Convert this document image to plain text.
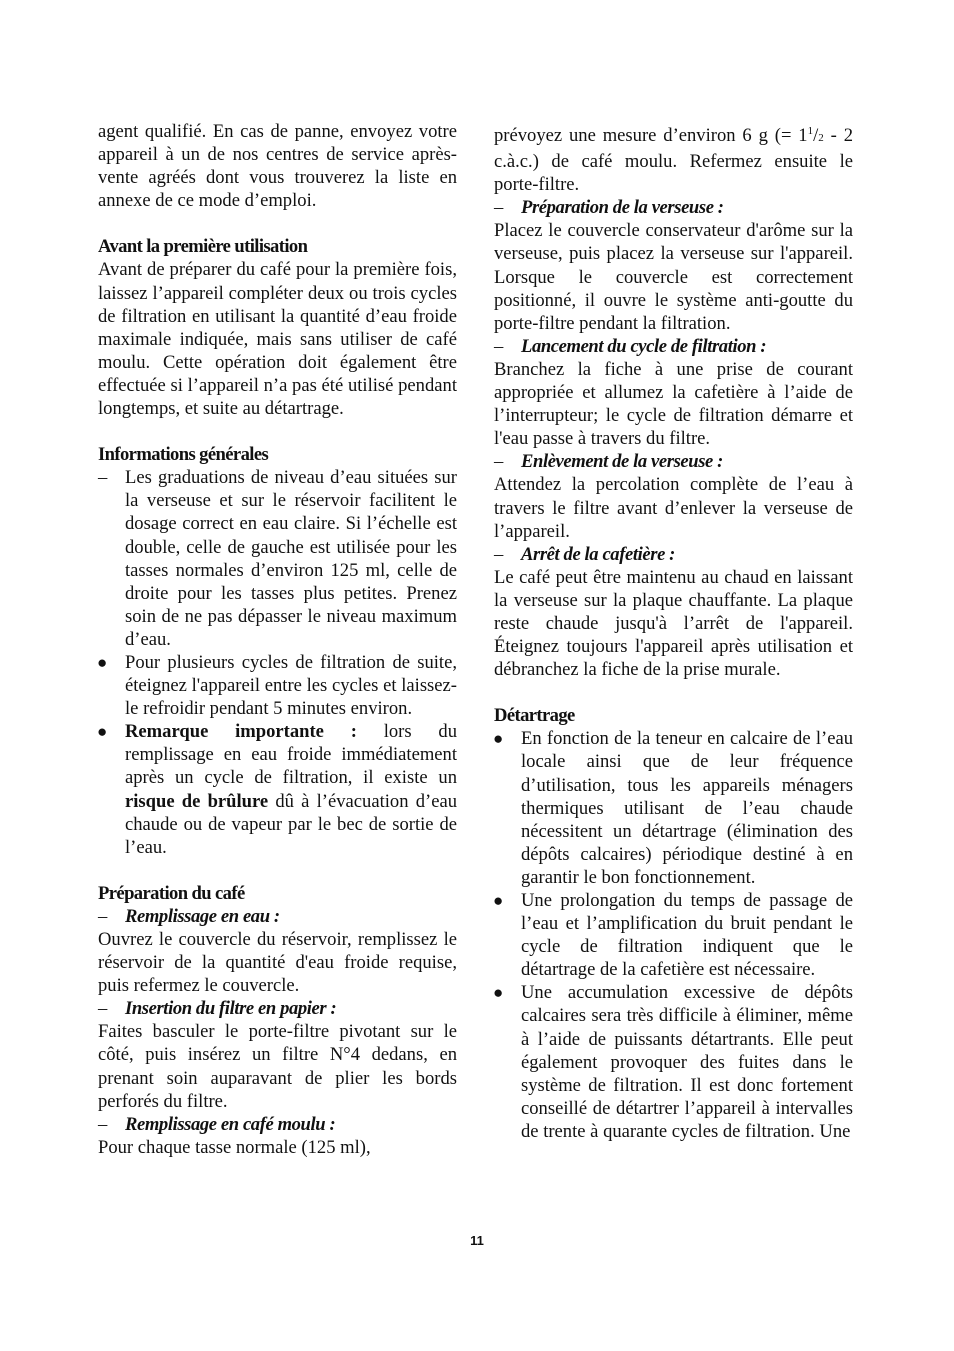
agent qualifié. En cas de panne, envoyez votre appareil à un de nos centres de service après-vente agréés dont vous trouverez la liste en annexe de ce mode d’emploi.

Avant la première utilisation

Avant de préparer du café pour la première fois, laissez l’appareil compléter deux ou trois cycles de filtration en utilisant la quantité d’eau froide maximale indiquée, mais sans utiliser de café moulu. Cette opération doit également être effectuée si l’appareil n’a pas été utilisé pendant longtemps, et suite au détartrage.

Informations générales

– Les graduations de niveau d’eau situées sur la verseuse et sur le réservoir facilitent le dosage correct en eau claire. Si l’échelle est double, celle de gauche est utilisée pour les tasses normales d’environ 125 ml, celle de droite pour les tasses plus petites. Prenez soin de ne pas dépasser le niveau maximum d’eau.
● Pour plusieurs cycles de filtration de suite, éteignez l'appareil entre les cycles et laissez-le refroidir pendant 5 minutes environ.
● Remarque importante : lors du remplissage en eau froide immédiatement après un cycle de filtration, il existe un risque de brûlure dû à l’évacuation d’eau chaude ou de vapeur par le bec de sortie de l’eau.

Préparation du café

– Remplissage en eau :

Ouvrez le couvercle du réservoir, remplissez le réservoir de la quantité d'eau froide requise, puis refermez le couvercle.

– Insertion du filtre en papier :

Faites basculer le porte-filtre pivotant sur le côté, puis insérez un filtre N°4 dedans, en prenant soin auparavant de plier les bords perforés du filtre.

– Remplissage en café moulu :

Pour chaque tasse normale (125 ml),

prévoyez une mesure d’environ 6 g (= $1^1/2 - 2$ c.à.c.) de café moulu. Refermez ensuite le porte-filtre.

– Préparation de la verseuse :

Placez le couvercle conservateur d'arôme sur la verseuse, puis placez la verseuse sur l'appareil. Lorsque le couvercle est correctement positionné, il ouvre le système anti-goutte du porte-filtre pendant la filtration.

– Lancement du cycle de filtration :

Branchez la fiche à une prise de courant appropriée et allumez la cafetière à l’aide de l’interrupteur; le cycle de filtration démarre et l'eau passe à travers du filtre.

– Enlèvement de la verseuse :

Attendez la percolation complète de l’eau à travers le filtre avant d’enlever la verseuse de l’appareil.

– Arrêt de la cafetière :

Le café peut être maintenu au chaud en laissant la verseuse sur la plaque chauffante. La plaque reste chaude jusqu'à l’arrêt de l'appareil. Éteignez toujours l'appareil après utilisation et débranchez la fiche de la prise murale.

Détartrage

● En fonction de la teneur en calcaire de l’eau locale ainsi que de leur fréquence d’utilisation, tous les appareils ménagers thermiques utilisant de l’eau chaude nécessitent un détartrage (élimination des dépôts calcaires) périodique destiné à en garantir le bon fonctionnement.
● Une prolongation du temps de passage de l’eau et l’amplification du bruit pendant le cycle de filtration indiquent que le détartrage de la cafetière est nécessaire.
● Une accumulation excessive de dépôts calcaires sera très difficile à éliminer, même à l’aide de puissants détartrants. Elle peut également provoquer des fuites dans le système de filtration. Il est donc fortement conseillé de détartrer l’appareil à intervalles de trente à quarante cycles de filtration. Une
11
